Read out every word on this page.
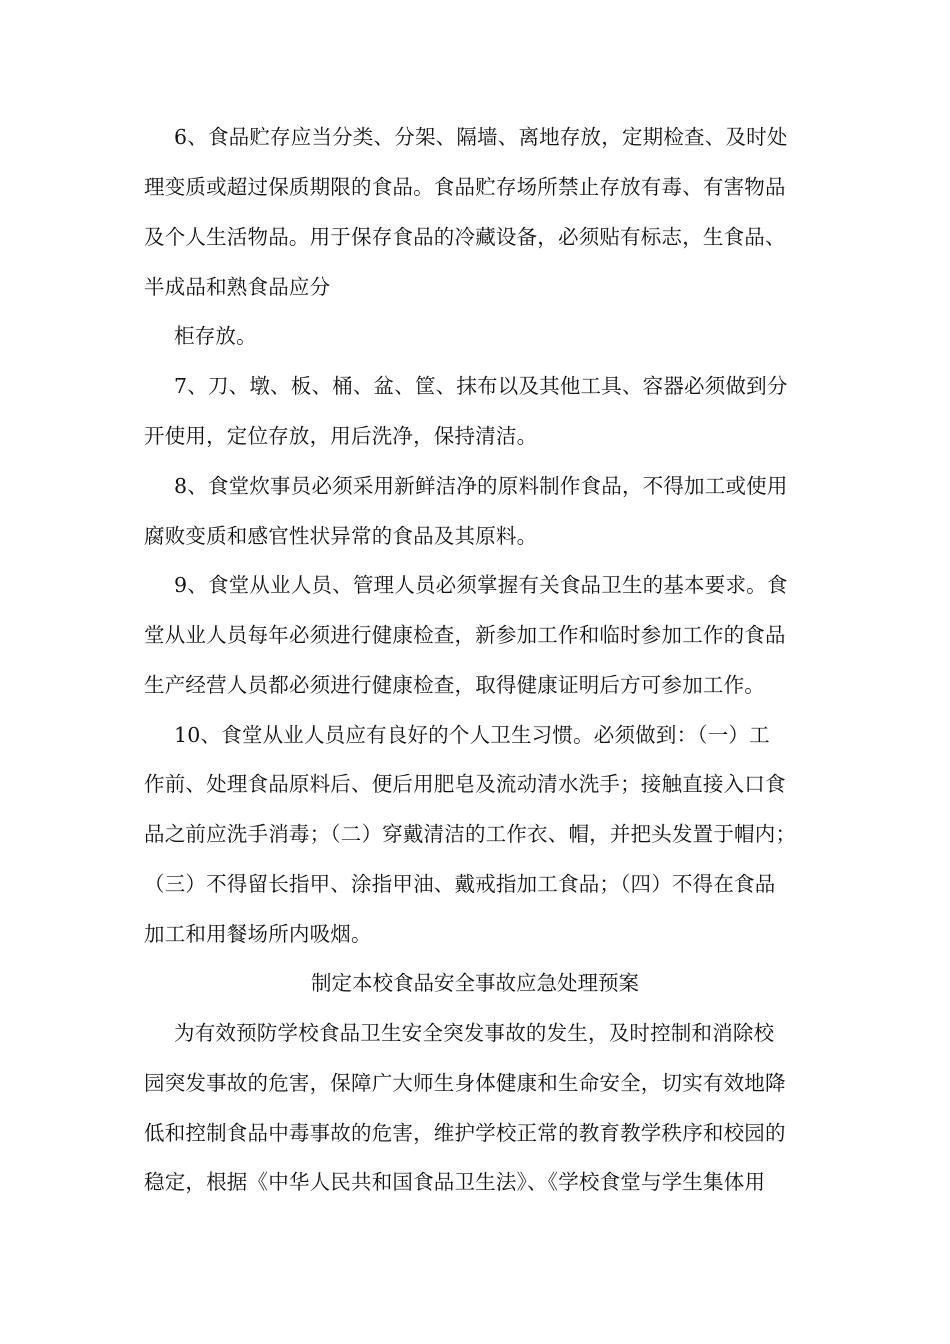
6、食品贮存应当分类、分架、隔墙、离地存放，定期检查、及时处
理变质或超过保质期限的食品。食品贮存场所禁止存放有毒、有害物品
及个人生活物品。用于保存食品的冷藏设备，必须贴有标志，生食品、
半成品和熟食品应分
柜存放。
7、刀、墩、板、桶、盆、筐、抹布以及其他工具、容器必须做到分
开使用，定位存放，用后洗净，保持清洁。
8、食堂炊事员必须采用新鲜洁净的原料制作食品，不得加工或使用
腐败变质和感官性状异常的食品及其原料。
9、食堂从业人员、管理人员必须掌握有关食品卫生的基本要求。食
堂从业人员每年必须进行健康检查，新参加工作和临时参加工作的食品
生产经营人员都必须进行健康检查，取得健康证明后方可参加工作。
10、食堂从业人员应有良好的个人卫生习惯。必须做到：（一）工
作前、处理食品原料后、便后用肥皂及流动清水洗手；接触直接入口食
品之前应洗手消毒；（二）穿戴清洁的工作衣、帽，并把头发置于帽内；
（三）不得留长指甲、涂指甲油、戴戒指加工食品；（四）不得在食品
加工和用餐场所内吸烟。
制定本校食品安全事故应急处理预案
为有效预防学校食品卫生安全突发事故的发生，及时控制和消除校
园突发事故的危害，保障广大师生身体健康和生命安全，切实有效地降
低和控制食品中毒事故的危害，维护学校正常的教育教学秩序和校园的
稳定，根据《中华人民共和国食品卫生法》、《学校食堂与学生集体用
